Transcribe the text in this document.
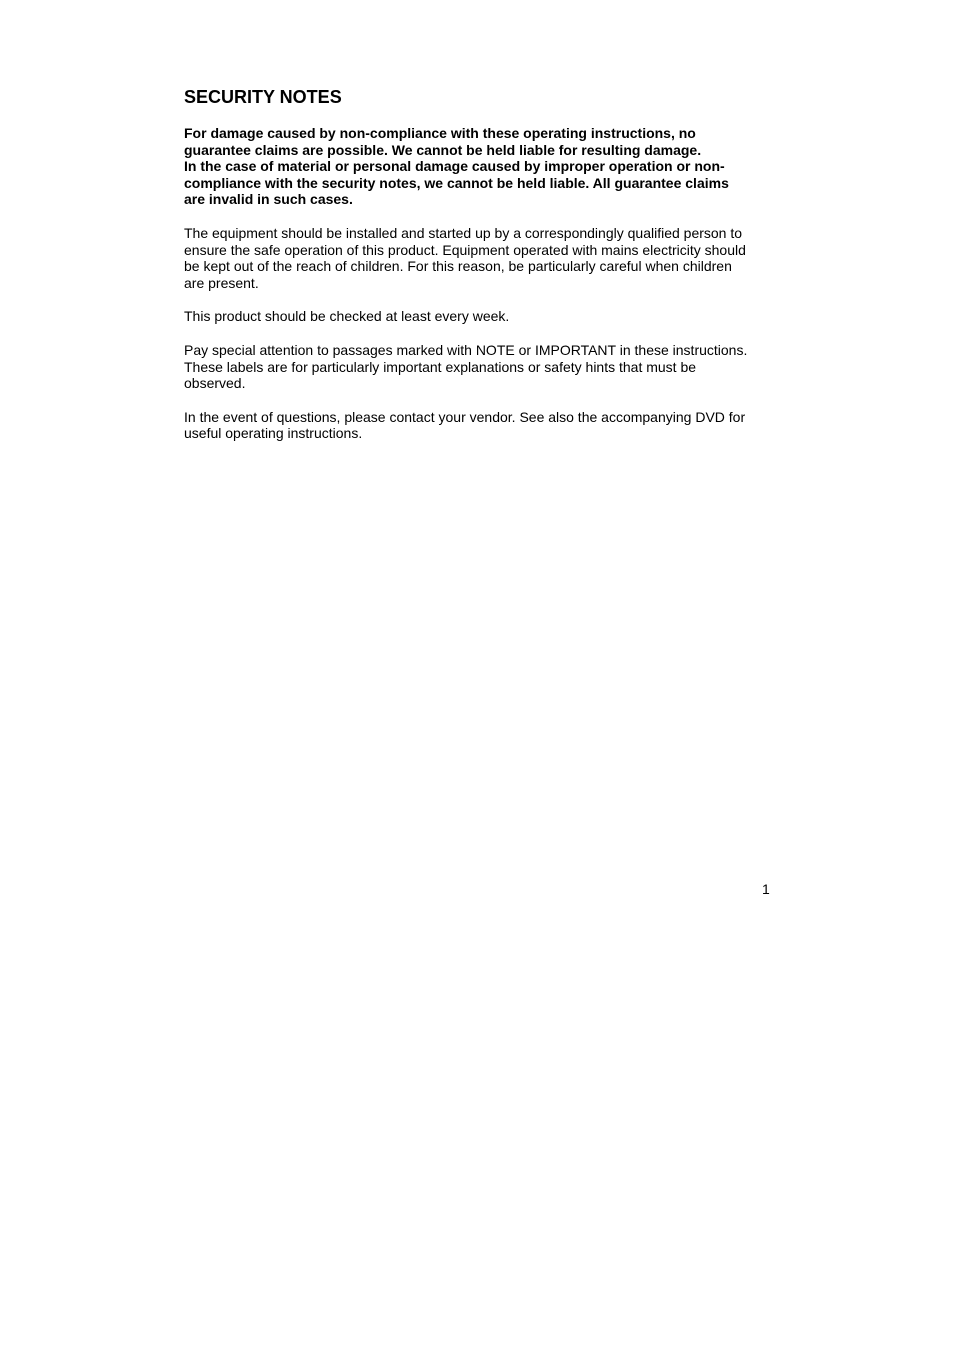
SECURITY NOTES
For damage caused by non-compliance with these operating instructions, no
guarantee claims are possible. We cannot be held liable for resulting damage.
In the case of material or personal damage caused by improper operation or non-
compliance with the security notes, we cannot be held liable. All guarantee claims
are invalid in such cases.
The equipment should be installed and started up by a correspondingly qualified person to
ensure the safe operation of this product. Equipment operated with mains electricity should
be kept out of the reach of children. For this reason, be particularly careful when children
are present.
This product should be checked at least every week.
Pay special attention to passages marked with NOTE or IMPORTANT in these instructions.
These labels are for particularly important explanations or safety hints that must be
observed.
In the event of questions, please contact your vendor. See also the accompanying DVD for
useful operating instructions.
1
